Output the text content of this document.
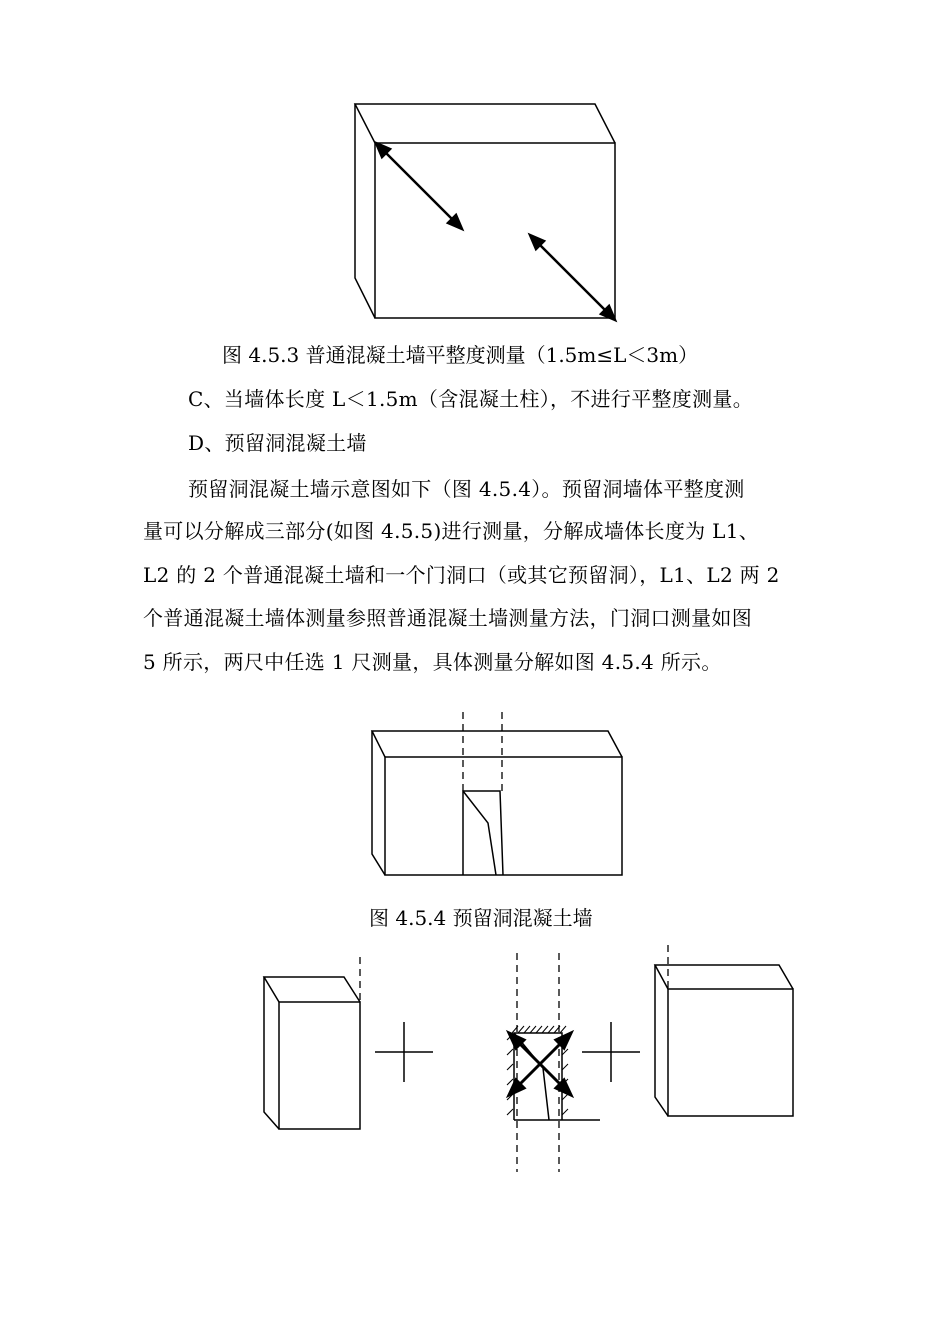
图 4.5.3 普通混凝土墙平整度测量（1.5m≤L＜3m）
C、当墙体长度 L＜1.5m（含混凝土柱），不进行平整度测量。
D、预留洞混凝土墙
预留洞混凝土墙示意图如下（图 4.5.4）。预留洞墙体平整度测
量可以分解成三部分(如图 4.5.5)进行测量，分解成墙体长度为 L1、
L2 的 2 个普通混凝土墙和一个门洞口（或其它预留洞），L1、L2 两 2
个普通混凝土墙体测量参照普通混凝土墙测量方法，门洞口测量如图
5 所示，两尺中任选 1 尺测量，具体测量分解如图 4.5.4 所示。
图 4.5.4 预留洞混凝土墙
